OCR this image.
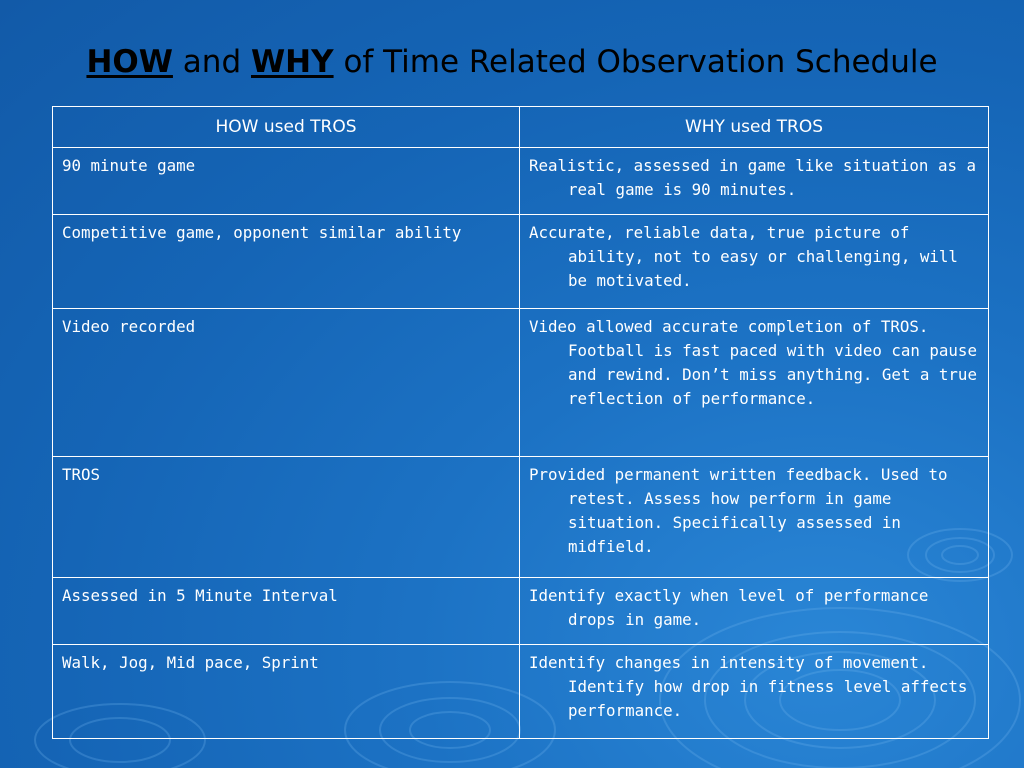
HOW and WHY of Time Related Observation Schedule
HOW used TROS	WHY used TROS
90 minute game	Realistic, assessed in game like situation as a real game is 90 minutes.

Competitive game, opponent similar ability	Accurate, reliable data, true picture of ability, not to easy or challenging, will be motivated.

Video recorded	Video allowed accurate completion of TROS. Football is fast paced with video can pause and rewind. Don’t miss anything. Get a true reflection of performance.

TROS	Provided permanent written feedback. Used to retest. Assess how perform in game situation. Specifically assessed in midfield.

Assessed in 5 Minute Interval	Identify exactly when level of performance drops in game.

Walk, Jog, Mid pace, Sprint	Identify changes in intensity of movement. Identify how drop in fitness level affects performance.
